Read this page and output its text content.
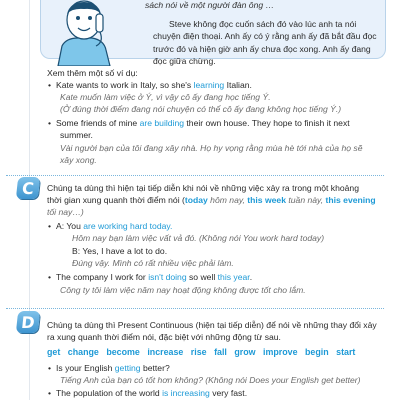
sách nói về một người đàn ông …
Steve không đọc cuốn sách đó vào lúc anh ta nói chuyện điện thoại. Anh ấy có ý rằng anh ấy đã bắt đầu đọc trước đó và hiện giờ anh ấy chưa đọc xong. Anh ấy đang đọc giữa chừng.
Xem thêm một số ví dụ:
• Kate wants to work in Italy, so she's learning Italian.
Kate muốn làm việc ở Ý, vì vậy cô ấy đang học tiếng Ý.
(Ở đúng thời điểm đang nói chuyện có thể cô ấy đang không học tiếng Ý.)
• Some friends of mine are building their own house. They hope to finish it next
summer.
Vài người bạn của tôi đang xây nhà. Họ hy vọng rằng mùa hè tới nhà của họ sẽ
xây xong.
C	Chúng ta dùng thì hiện tại tiếp diễn khi nói về những việc xảy ra trong một khoảng
thời gian xung quanh thời điểm nói (today hôm nay, this week tuần này, this evening
tối nay…)
• A: You are working hard today.
Hôm nay bạn làm việc vất vả đó. (Không nói You work hard today)
B: Yes, I have a lot to do.
Đúng vậy. Mình có rất nhiều việc phải làm.
• The company I work for isn't doing so well this year.
Công ty tôi làm việc năm nay hoạt động không được tốt cho lắm.
D	Chúng ta dùng thì Present Continuous (hiện tại tiếp diễn) để nói về những thay đổi xảy
ra xung quanh thời điểm nói, đặc biệt với những động từ sau.
get change become increase rise fall grow improve begin start
• Is your English getting better?
Tiếng Anh của bạn có tốt hơn không? (Không nói Does your English get better)
• The population of the world is increasing very fast.
